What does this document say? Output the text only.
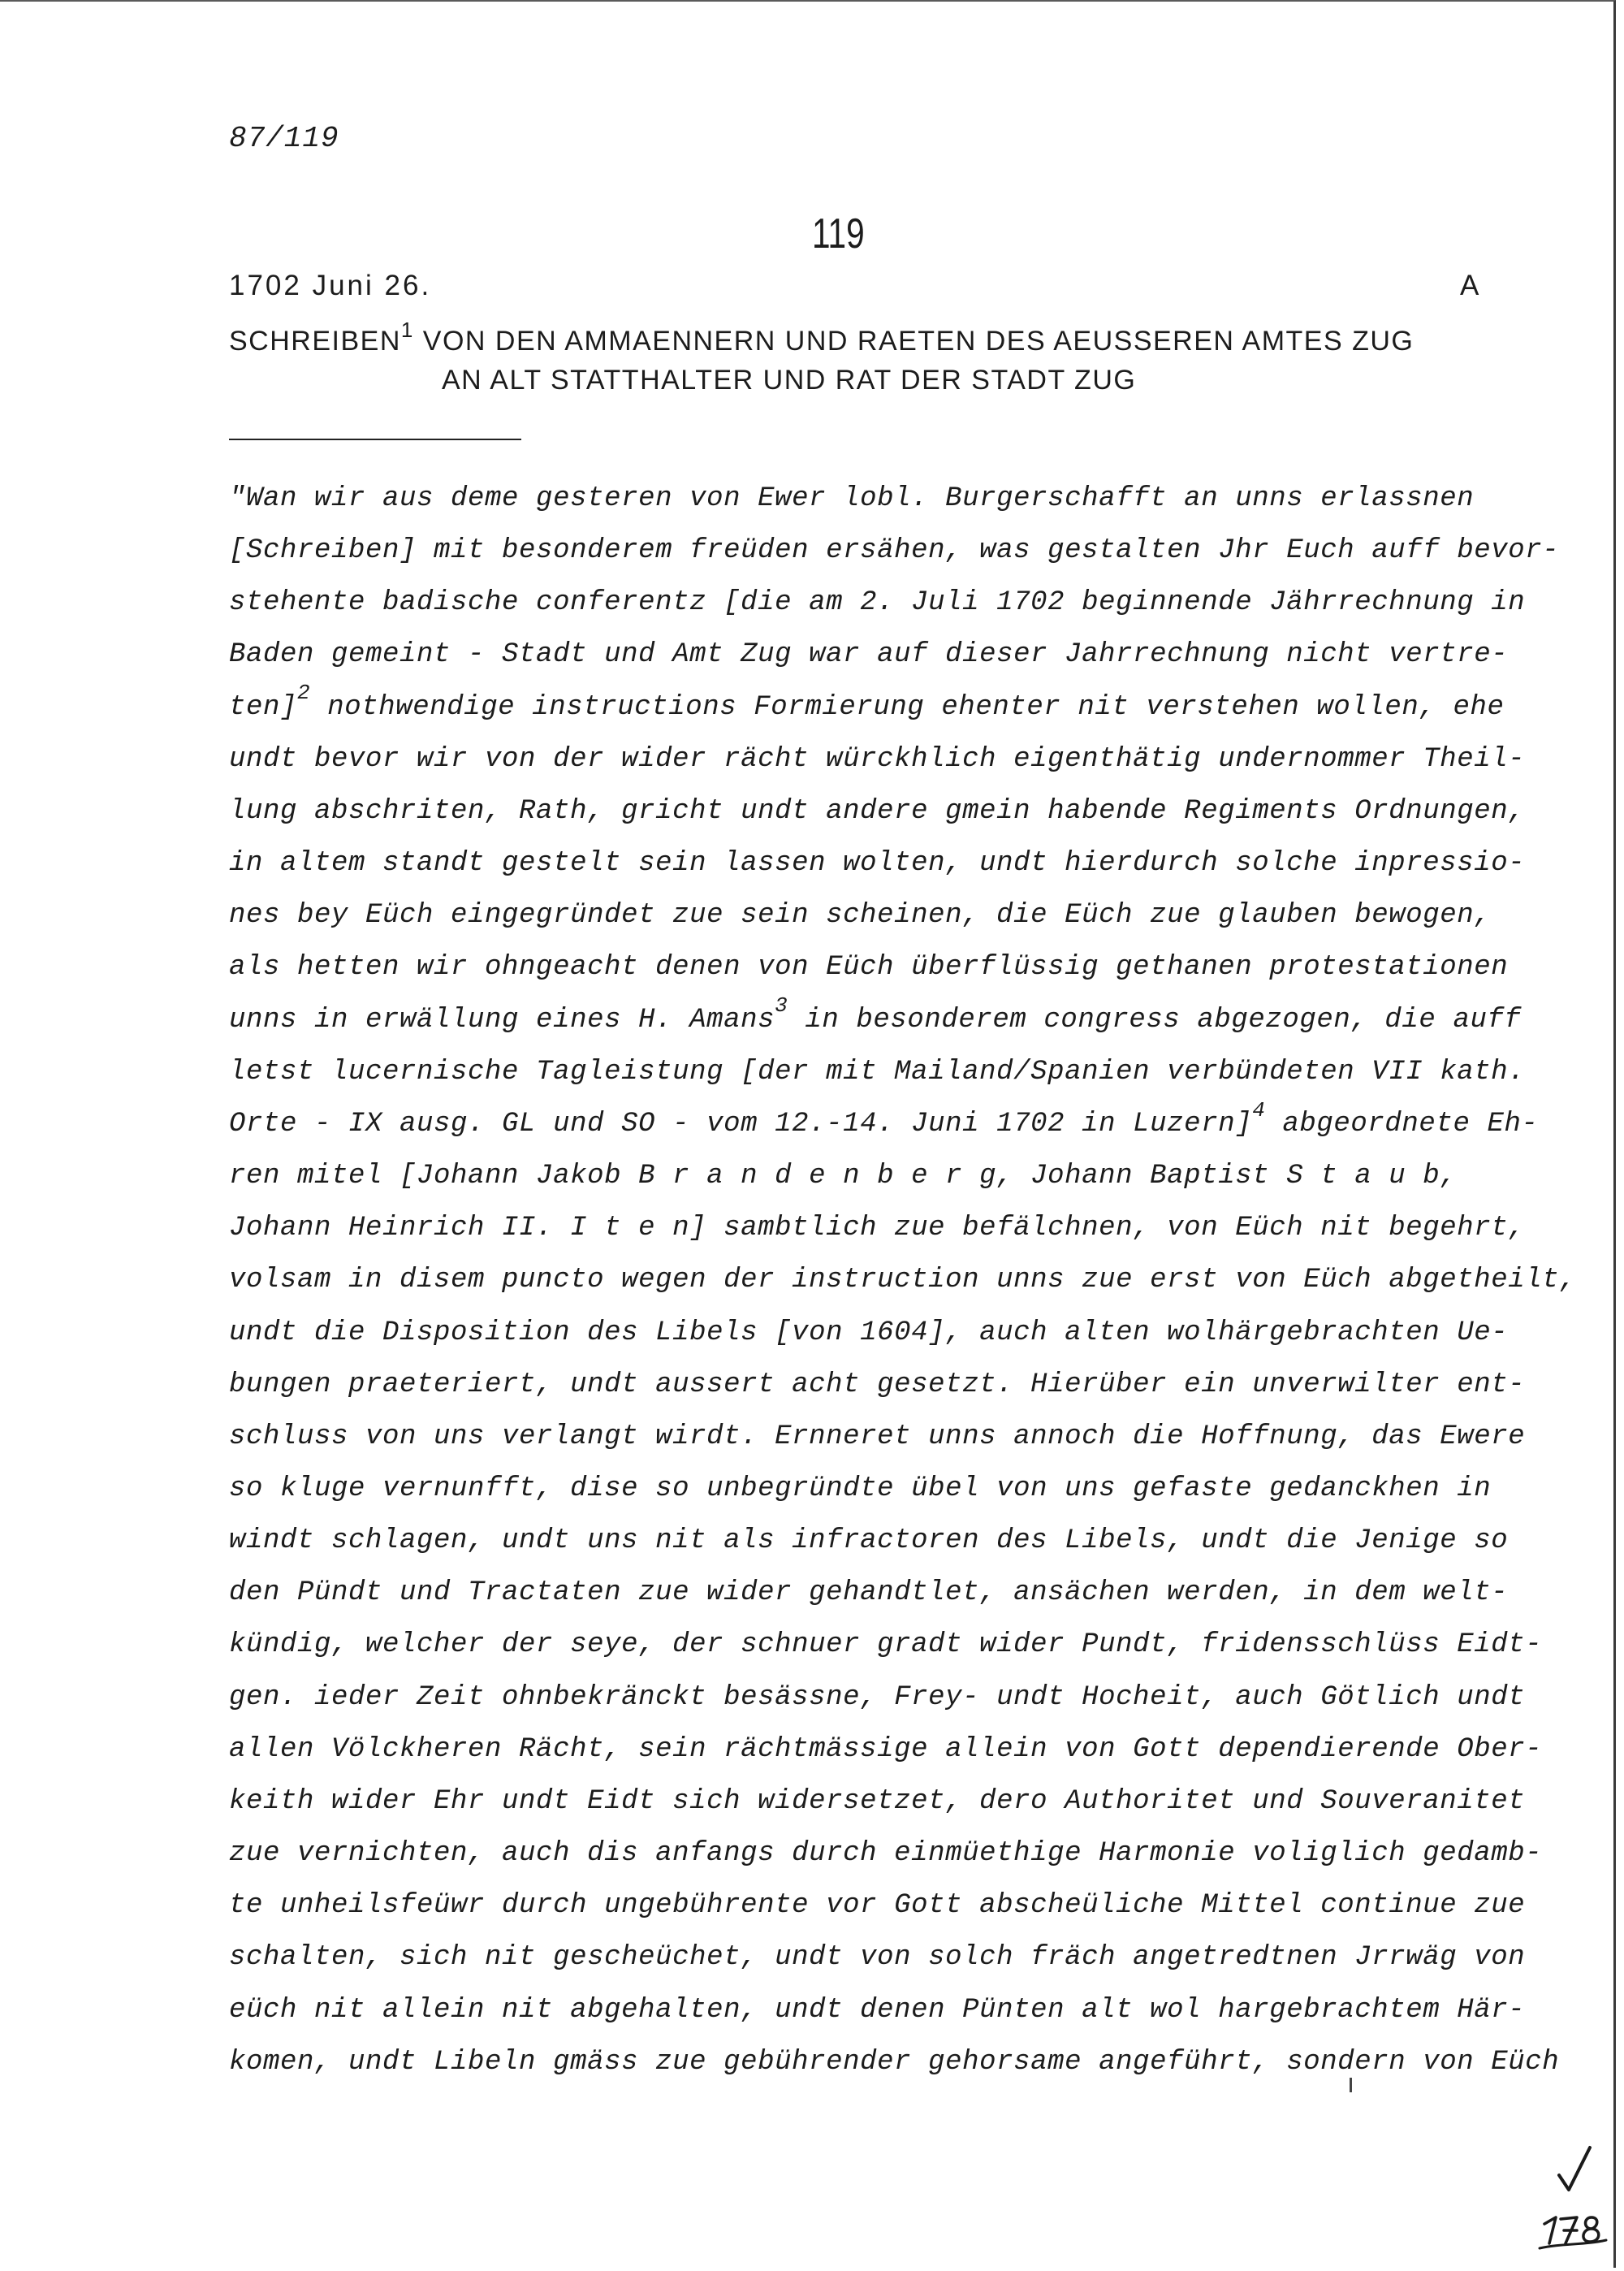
87/119
119
1702 Juni 26.	A
SCHREIBEN$^1$ VON DEN AMMAENNERN UND RAETEN DES AEUSSEREN AMTES ZUG
AN ALT STATTHALTER UND RAT DER STADT ZUG
"Wan wir aus deme gesteren von Ewer lobl. Burgerschafft an unns erlassnen
[Schreiben] mit besonderem freüden ersähen, was gestalten Jhr Euch auff bevor-
stehente badische conferentz [die am 2. Juli 1702 beginnende Jährrechnung in
Baden gemeint - Stadt und Amt Zug war auf dieser Jahrrechnung nicht vertre-
ten]$^2$ nothwendige instructions Formierung ehenter nit verstehen wollen, ehe
undt bevor wir von der wider rächt würckhlich eigenthätig undernommer Theil-
lung abschriten, Rath, gricht undt andere gmein habende Regiments Ordnungen,
in altem standt gestelt sein lassen wolten, undt hierdurch solche inpressio-
nes bey Eüch eingegründet zue sein scheinen, die Eüch zue glauben bewogen,
als hetten wir ohngeacht denen von Eüch überflüssig gethanen protestationen
unns in erwällung eines H. Amans$^3$ in besonderem congress abgezogen, die auff
letst lucernische Tagleistung [der mit Mailand/Spanien verbündeten VII kath.
Orte - IX ausg. GL und SO - vom 12.-14. Juni 1702 in Luzern]$^4$ abgeordnete Eh-
ren mitel [Johann Jakob B r a n d e n b e r g, Johann Baptist S t a u b,
Johann Heinrich II. I t e n] sambtlich zue befälchnen, von Eüch nit begehrt,
volsam in disem puncto wegen der instruction unns zue erst von Eüch abgetheilt,
undt die Disposition des Libels [von 1604], auch alten wolhärgebrachten Ue-
bungen praeteriert, undt aussert acht gesetzt. Hierüber ein unverwilter ent-
schluss von uns verlangt wirdt. Ernneret unns annoch die Hoffnung, das Ewere
so kluge vernunfft, dise so unbegründte übel von uns gefaste gedanckhen in
windt schlagen, undt uns nit als infractoren des Libels, undt die Jenige so
den Pündt und Tractaten zue wider gehandtlet, ansächen werden, in dem welt-
kündig, welcher der seye, der schnuer gradt wider Pundt, fridensschlüss Eidt-
gen. ieder Zeit ohnbekränckt besässne, Frey- undt Hocheit, auch Götlich undt
allen Völckheren Rächt, sein rächtmässige allein von Gott dependierende Ober-
keith wider Ehr undt Eidt sich widersetzet, dero Authoritet und Souveranitet
zue vernichten, auch dis anfangs durch einmüethige Harmonie voliglich gedamb-
te unheilsfeüwr durch ungebührente vor Gott abscheüliche Mittel continue zue
schalten, sich nit gescheüchet, undt von solch fräch angetredtnen Jrrwäg von
eüch nit allein nit abgehalten, undt denen Pünten alt wol hargebrachtem Här-
komen, undt Libeln gmäss zue gebührender gehorsame angeführt, sondern von Eüch
